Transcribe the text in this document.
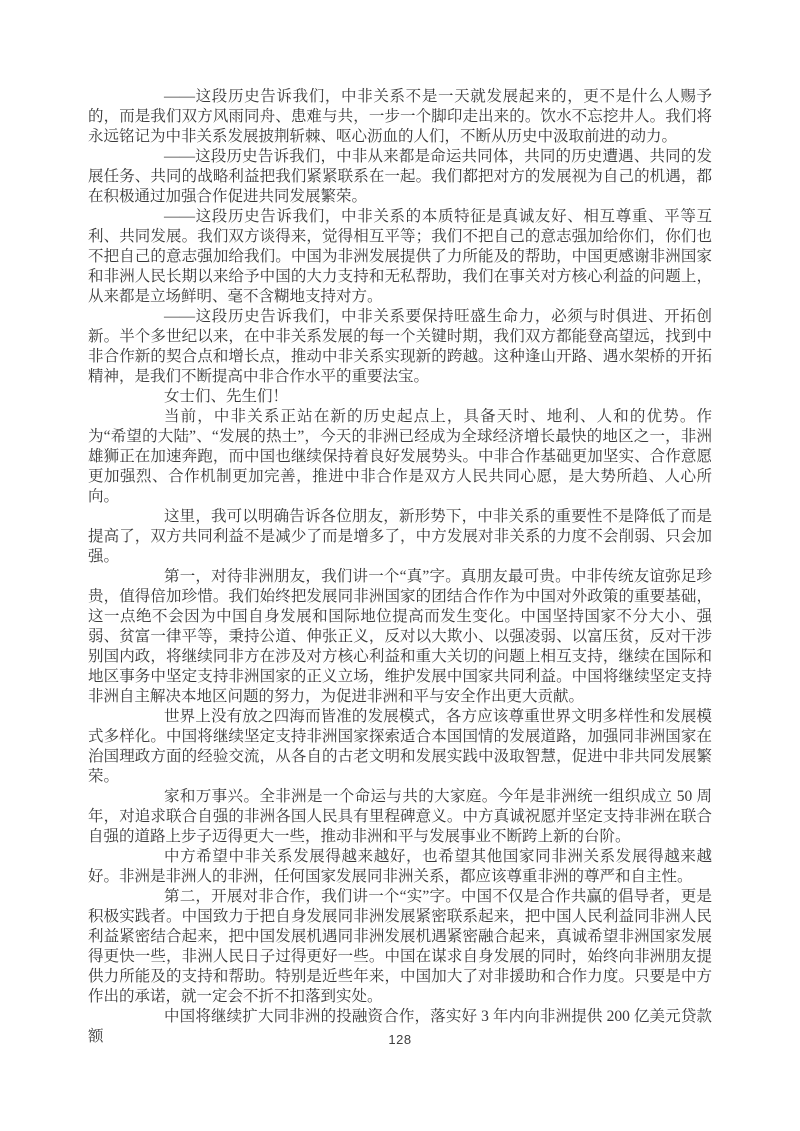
——这段历史告诉我们，中非关系不是一天就发展起来的，更不是什么人赐予的，而是我们双方风雨同舟、患难与共，一步一个脚印走出来的。饮水不忘挖井人。我们将永远铭记为中非关系发展披荆斩棘、呕心沥血的人们，不断从历史中汲取前进的动力。

——这段历史告诉我们，中非从来都是命运共同体，共同的历史遭遇、共同的发展任务、共同的战略利益把我们紧紧联系在一起。我们都把对方的发展视为自己的机遇，都在积极通过加强合作促进共同发展繁荣。

——这段历史告诉我们，中非关系的本质特征是真诚友好、相互尊重、平等互利、共同发展。我们双方谈得来，觉得相互平等；我们不把自己的意志强加给你们，你们也不把自己的意志强加给我们。中国为非洲发展提供了力所能及的帮助，中国更感谢非洲国家和非洲人民长期以来给予中国的大力支持和无私帮助，我们在事关对方核心利益的问题上，从来都是立场鲜明、毫不含糊地支持对方。

——这段历史告诉我们，中非关系要保持旺盛生命力，必须与时俱进、开拓创新。半个多世纪以来，在中非关系发展的每一个关键时期，我们双方都能登高望远，找到中非合作新的契合点和增长点，推动中非关系实现新的跨越。这种逢山开路、遇水架桥的开拓精神，是我们不断提高中非合作水平的重要法宝。

女士们、先生们！

当前，中非关系正站在新的历史起点上，具备天时、地利、人和的优势。作为“希望的大陆”、“发展的热土”，今天的非洲已经成为全球经济增长最快的地区之一，非洲雄狮正在加速奔跑，而中国也继续保持着良好发展势头。中非合作基础更加坚实、合作意愿更加强烈、合作机制更加完善，推进中非合作是双方人民共同心愿，是大势所趋、人心所向。

这里，我可以明确告诉各位朋友，新形势下，中非关系的重要性不是降低了而是提高了，双方共同利益不是减少了而是增多了，中方发展对非关系的力度不会削弱、只会加强。

第一，对待非洲朋友，我们讲一个“真”字。真朋友最可贵。中非传统友谊弥足珍贵，值得倍加珍惜。我们始终把发展同非洲国家的团结合作作为中国对外政策的重要基础，这一点绝不会因为中国自身发展和国际地位提高而发生变化。中国坚持国家不分大小、强弱、贫富一律平等，秉持公道、伸张正义，反对以大欺小、以强凌弱、以富压贫，反对干涉别国内政，将继续同非方在涉及对方核心利益和重大关切的问题上相互支持，继续在国际和地区事务中坚定支持非洲国家的正义立场，维护发展中国家共同利益。中国将继续坚定支持非洲自主解决本地区问题的努力，为促进非洲和平与安全作出更大贡献。

世界上没有放之四海而皆准的发展模式，各方应该尊重世界文明多样性和发展模式多样化。中国将继续坚定支持非洲国家探索适合本国国情的发展道路，加强同非洲国家在治国理政方面的经验交流，从各自的古老文明和发展实践中汲取智慧，促进中非共同发展繁荣。

家和万事兴。全非洲是一个命运与共的大家庭。今年是非洲统一组织成立 50 周年，对追求联合自强的非洲各国人民具有里程碑意义。中方真诚祝愿并坚定支持非洲在联合自强的道路上步子迈得更大一些，推动非洲和平与发展事业不断跨上新的台阶。

中方希望中非关系发展得越来越好，也希望其他国家同非洲关系发展得越来越好。非洲是非洲人的非洲，任何国家发展同非洲关系，都应该尊重非洲的尊严和自主性。

第二，开展对非合作，我们讲一个“实”字。中国不仅是合作共赢的倡导者，更是积极实践者。中国致力于把自身发展同非洲发展紧密联系起来，把中国人民利益同非洲人民利益紧密结合起来，把中国发展机遇同非洲发展机遇紧密融合起来，真诚希望非洲国家发展得更快一些，非洲人民日子过得更好一些。中国在谋求自身发展的同时，始终向非洲朋友提供力所能及的支持和帮助。特别是近些年来，中国加大了对非援助和合作力度。只要是中方作出的承诺，就一定会不折不扣落到实处。

中国将继续扩大同非洲的投融资合作，落实好 3 年内向非洲提供 200 亿美元贷款额	128
